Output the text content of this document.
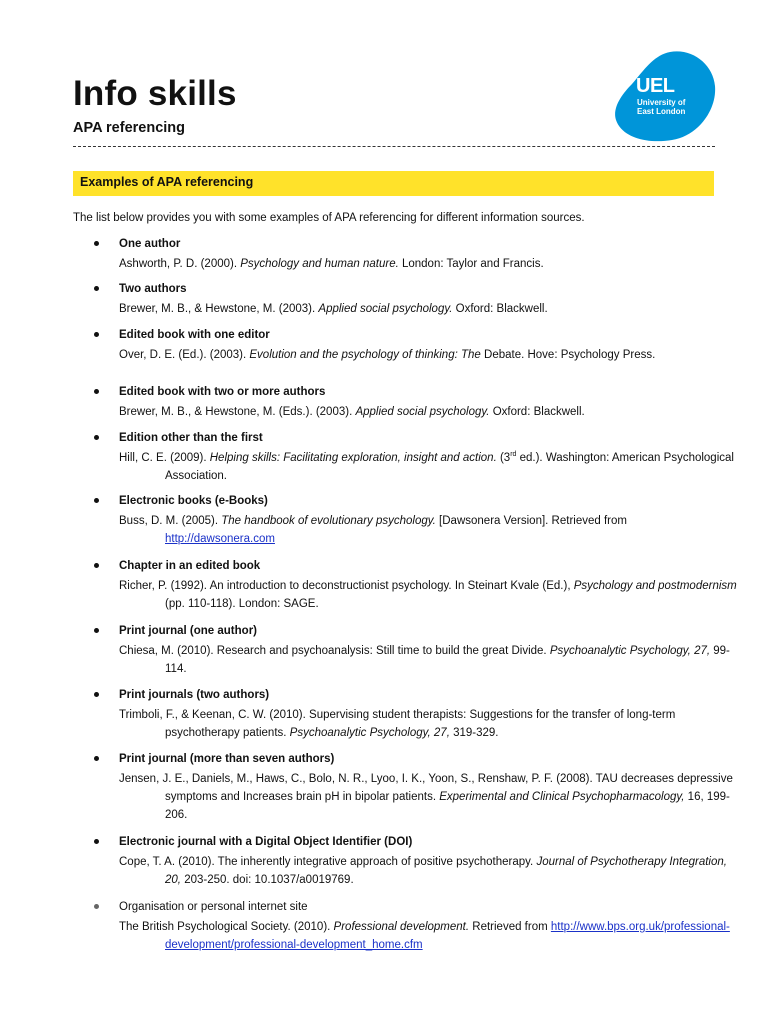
Info skills
APA referencing
UEL
University of East London
Examples of APA referencing

The list below provides you with some examples of APA referencing for different information sources.

One author
Ashworth, P. D. (2000). Psychology and human nature. London: Taylor and Francis.
Two authors
Brewer, M. B., & Hewstone, M. (2003). Applied social psychology. Oxford: Blackwell.
Edited book with one editor
Over, D. E. (Ed.). (2003). Evolution and the psychology of thinking: The Debate. Hove: Psychology Press.
Edited book with two or more authors
Brewer, M. B., & Hewstone, M. (Eds.). (2003). Applied social psychology. Oxford: Blackwell.
Edition other than the first
Hill, C. E. (2009). Helping skills: Facilitating exploration, insight and action. (3rd ed.). Washington: American Psychological Association.
Electronic books (e-Books)
Buss, D. M. (2005). The handbook of evolutionary psychology. [Dawsonera Version]. Retrieved from http://dawsonera.com
Chapter in an edited book
Richer, P. (1992). An introduction to deconstructionist psychology. In Steinart Kvale (Ed.), Psychology and postmodernism (pp. 110-118). London: SAGE.
Print journal (one author)
Chiesa, M. (2010). Research and psychoanalysis: Still time to build the great Divide. Psychoanalytic Psychology, 27, 99-114.
Print journals (two authors)
Trimboli, F., & Keenan, C. W. (2010). Supervising student therapists: Suggestions for the transfer of long-term psychotherapy patients. Psychoanalytic Psychology, 27, 319-329.
Print journal (more than seven authors)
Jensen, J. E., Daniels, M., Haws, C., Bolo, N. R., Lyoo, I. K., Yoon, S., Renshaw, P. F. (2008). TAU decreases depressive symptoms and Increases brain pH in bipolar patients. Experimental and Clinical Psychopharmacology, 16, 199-206.
Electronic journal with a Digital Object Identifier (DOI)
Cope, T. A. (2010). The inherently integrative approach of positive psychotherapy. Journal of Psychotherapy Integration, 20, 203-250. doi: 10.1037/a0019769.
Organisation or personal internet site
The British Psychological Society. (2010). Professional development. Retrieved from http://www.bps.org.uk/professional-development/professional-development_home.cfm
